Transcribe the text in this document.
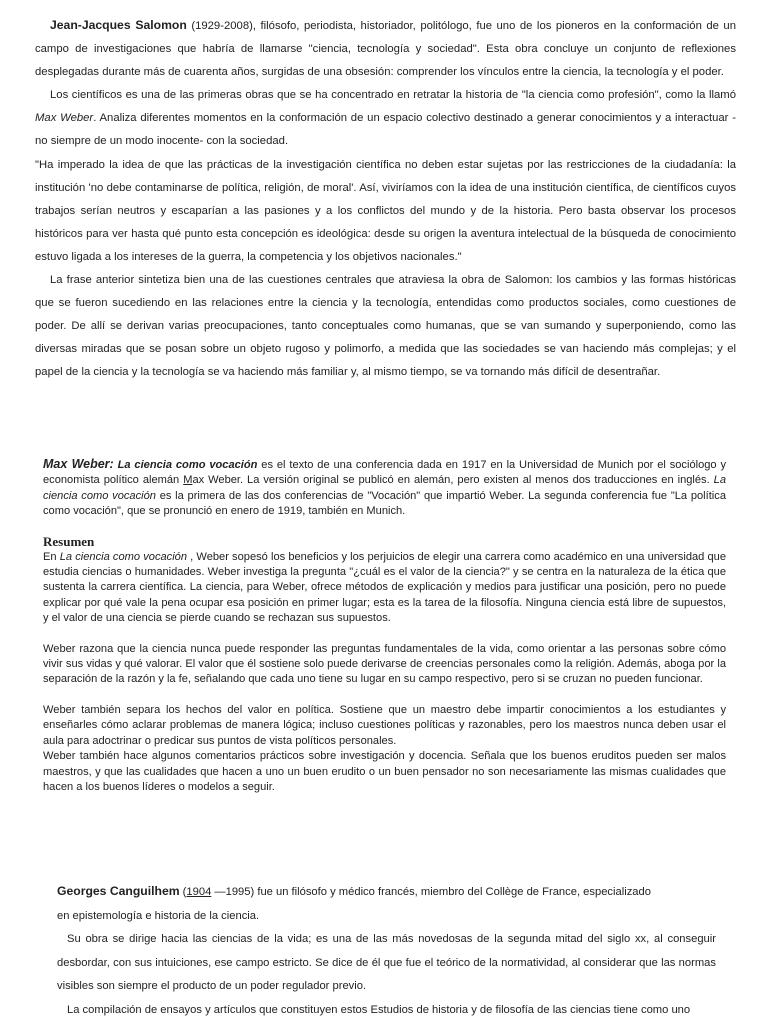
Jean-Jacques Salomon (1929-2008), filósofo, periodista, historiador, politólogo, fue uno de los pioneros en la conformación de un campo de investigaciones que habría de llamarse "ciencia, tecnología y sociedad". Esta obra concluye un conjunto de reflexiones desplegadas durante más de cuarenta años, surgidas de una obsesión: comprender los vínculos entre la ciencia, la tecnología y el poder.

Los científicos es una de las primeras obras que se ha concentrado en retratar la historia de "la ciencia como profesión", como la llamó Max Weber. Analiza diferentes momentos en la conformación de un espacio colectivo destinado a generar conocimientos y a interactuar -no siempre de un modo inocente- con la sociedad.

"Ha imperado la idea de que las prácticas de la investigación científica no deben estar sujetas por las restricciones de la ciudadanía: la institución 'no debe contaminarse de política, religión, de moral'. Así, viviríamos con la idea de una institución científica, de científicos cuyos trabajos serían neutros y escaparían a las pasiones y a los conflictos del mundo y de la historia. Pero basta observar los procesos históricos para ver hasta qué punto esta concepción es ideológica: desde su origen la aventura intelectual de la búsqueda de conocimiento estuvo ligada a los intereses de la guerra, la competencia y los objetivos nacionales."

La frase anterior sintetiza bien una de las cuestiones centrales que atraviesa la obra de Salomon: los cambios y las formas históricas que se fueron sucediendo en las relaciones entre la ciencia y la tecnología, entendidas como productos sociales, como cuestiones de poder. De allí se derivan varias preocupaciones, tanto conceptuales como humanas, que se van sumando y superponiendo, como las diversas miradas que se posan sobre un objeto rugoso y polimorfo, a medida que las sociedades se van haciendo más complejas; y el papel de la ciencia y la tecnología se va haciendo más familiar y, al mismo tiempo, se va tornando más difícil de desentrañar.

Max Weber: La ciencia como vocación es el texto de una conferencia dada en 1917 en la Universidad de Munich por el sociólogo y economista político alemán Max Weber. La versión original se publicó en alemán, pero existen al menos dos traducciones en inglés. La ciencia como vocación es la primera de las dos conferencias de "Vocación" que impartió Weber. La segunda conferencia fue "La política como vocación", que se pronunció en enero de 1919, también en Munich.

Resumen

En La ciencia como vocación , Weber sopesó los beneficios y los perjuicios de elegir una carrera como académico en una universidad que estudia ciencias o humanidades. Weber investiga la pregunta "¿cuál es el valor de la ciencia?" y se centra en la naturaleza de la ética que sustenta la carrera científica. La ciencia, para Weber, ofrece métodos de explicación y medios para justificar una posición, pero no puede explicar por qué vale la pena ocupar esa posición en primer lugar; esta es la tarea de la filosofía. Ninguna ciencia está libre de supuestos, y el valor de una ciencia se pierde cuando se rechazan sus supuestos.

Weber razona que la ciencia nunca puede responder las preguntas fundamentales de la vida, como orientar a las personas sobre cómo vivir sus vidas y qué valorar. El valor que él sostiene solo puede derivarse de creencias personales como la religión. Además, aboga por la separación de la razón y la fe, señalando que cada uno tiene su lugar en su campo respectivo, pero si se cruzan no pueden funcionar.

Weber también separa los hechos del valor en política. Sostiene que un maestro debe impartir conocimientos a los estudiantes y enseñarles cómo aclarar problemas de manera lógica; incluso cuestiones políticas y razonables, pero los maestros nunca deben usar el aula para adoctrinar o predicar sus puntos de vista políticos personales.

Weber también hace algunos comentarios prácticos sobre investigación y docencia. Señala que los buenos eruditos pueden ser malos maestros, y que las cualidades que hacen a uno un buen erudito o un buen pensador no son necesariamente las mismas cualidades que hacen a los buenos líderes o modelos a seguir.

Georges Canguilhem (1904 —1995) fue un filósofo y médico francés, miembro del Collège de France, especializado

en epistemología e historia de la ciencia.

Su obra se dirige hacia las ciencias de la vida; es una de las más novedosas de la segunda mitad del siglo xx, al conseguir desbordar, con sus intuiciones, ese campo estricto. Se dice de él que fue el teórico de la normatividad, al considerar que las normas visibles son siempre el producto de un poder regulador previo.

La compilación de ensayos y artículos que constituyen estos Estudios de historia y de filosofía de las ciencias tiene como uno
